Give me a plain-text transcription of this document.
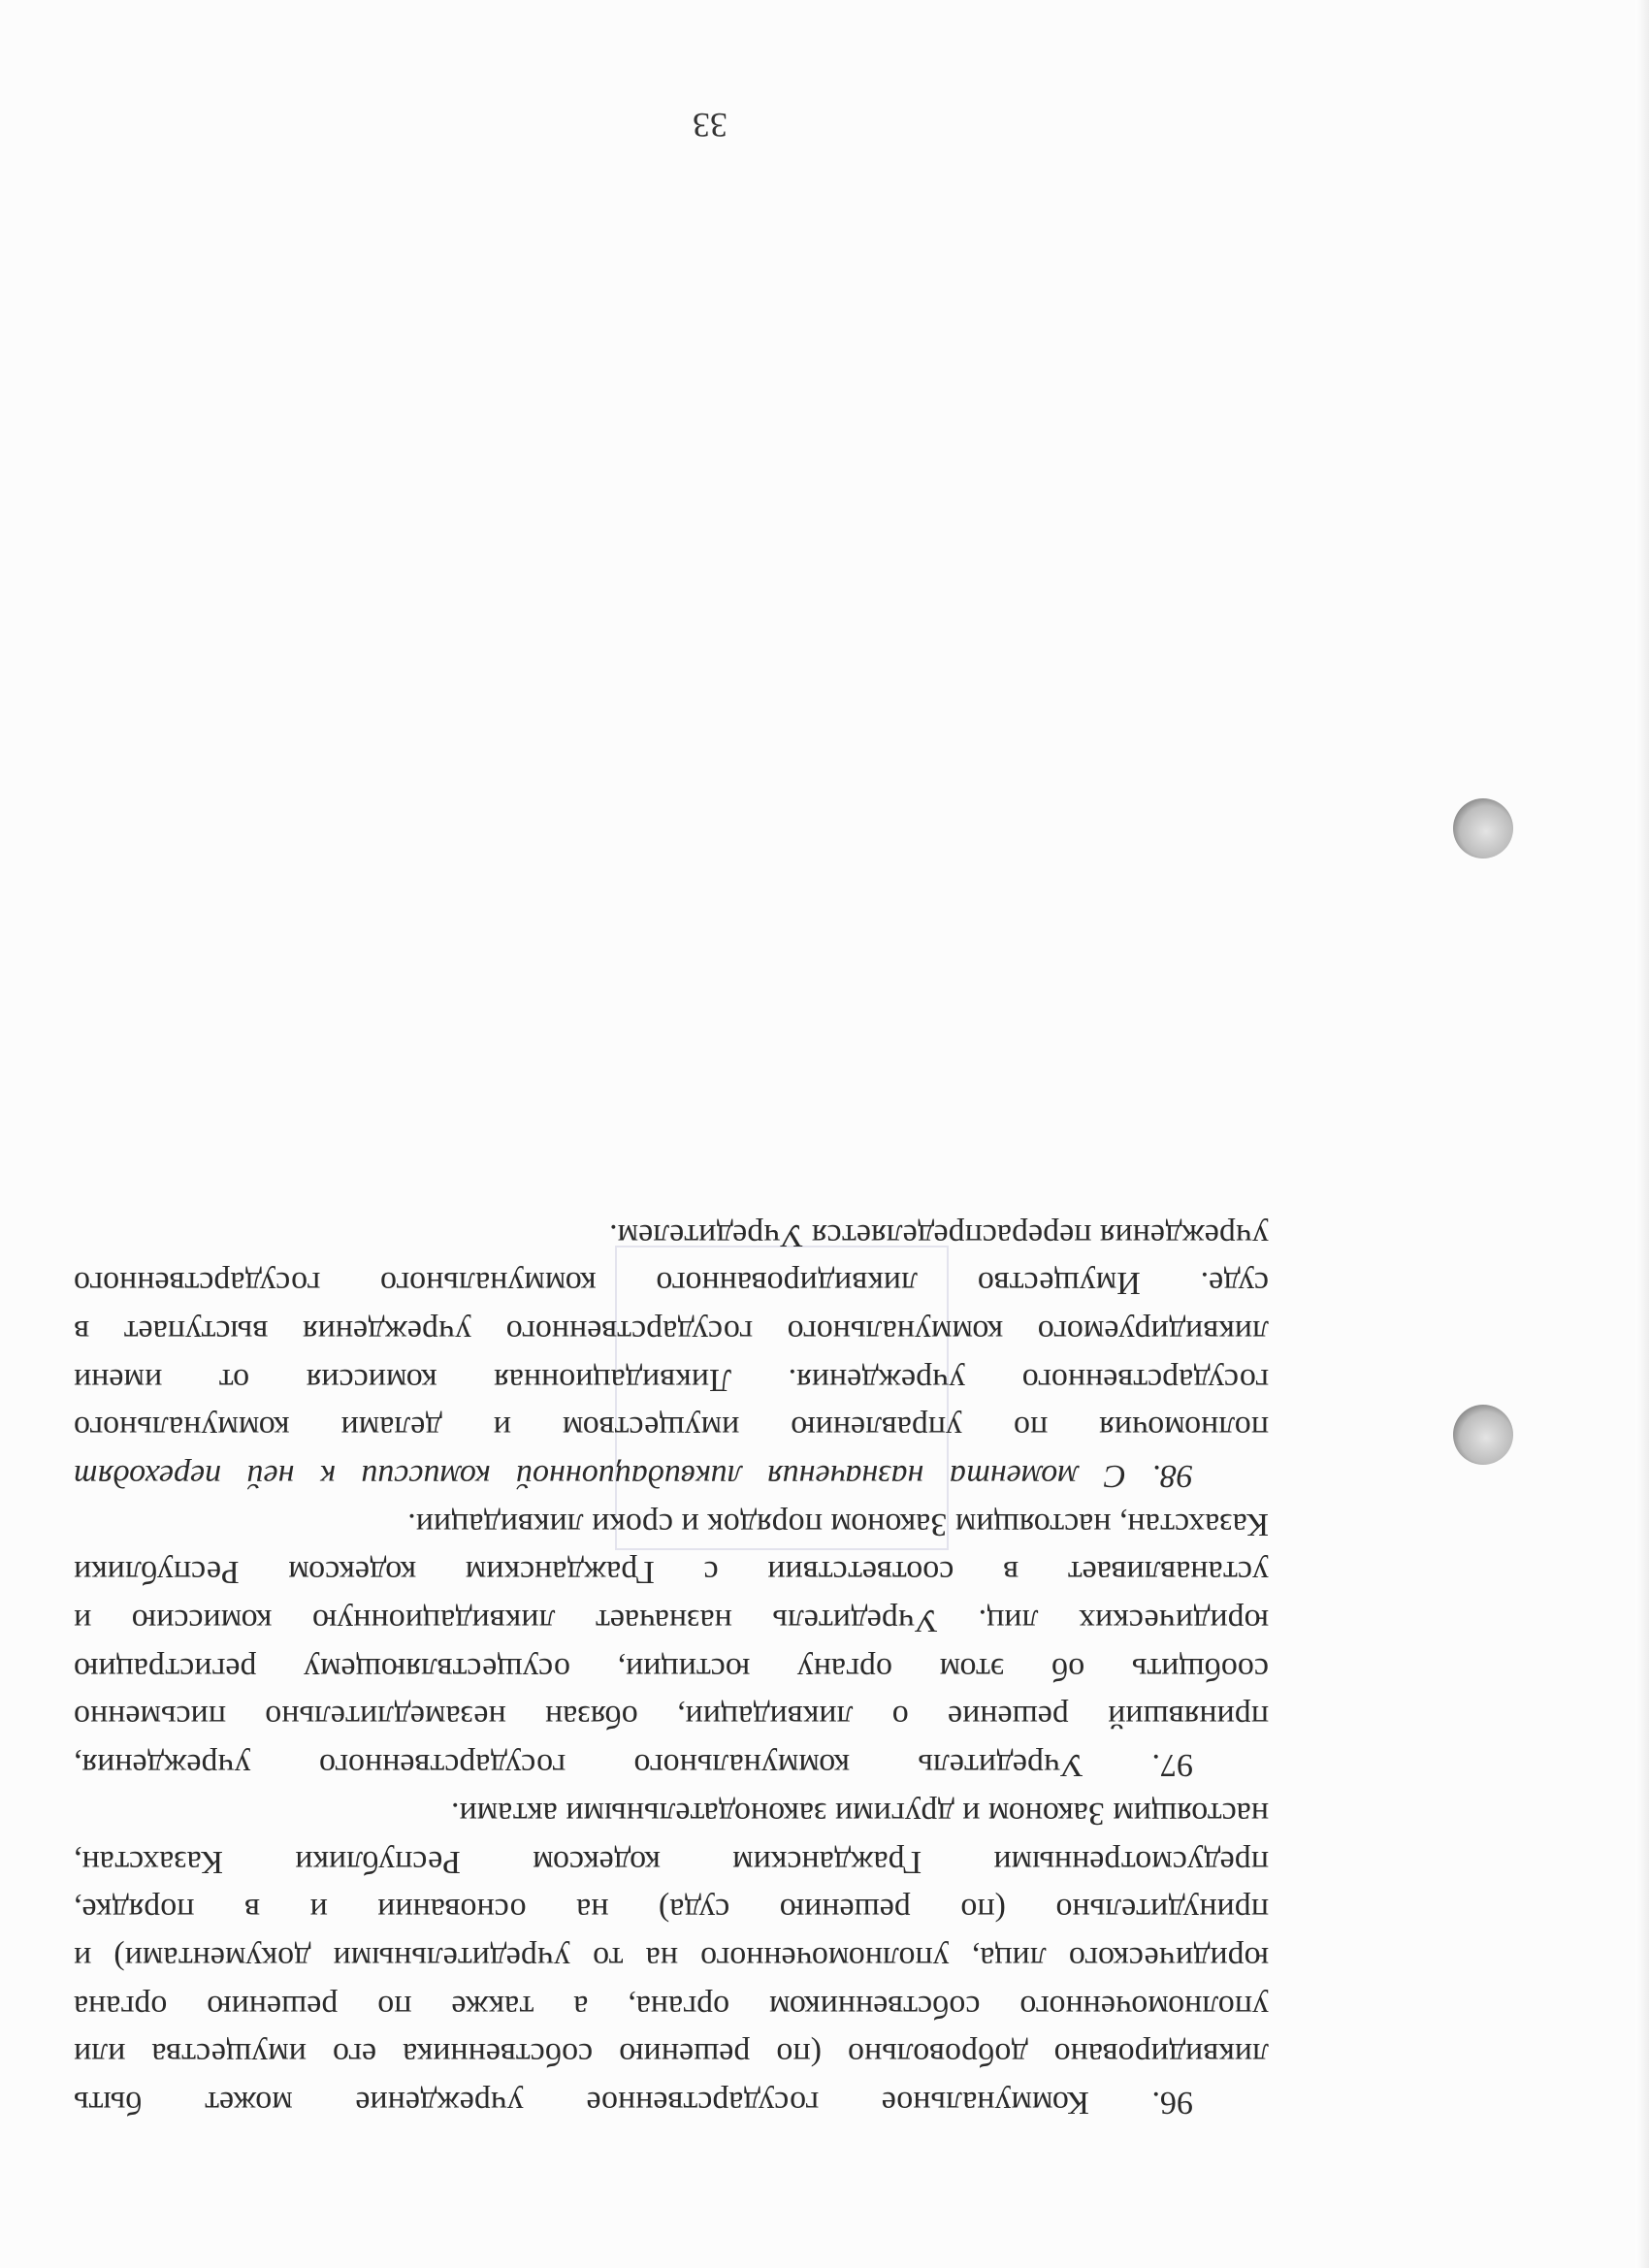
96. Коммунальное государственное учреждение может быть
ликвидировано добровольно (по решению собственника его имущества или
уполномоченного собственником органа, а также по решению органа
юридического лица, уполномоченного на то учредительными документами) и
принудительно (по решению суда) на основании и в порядке,
предусмотренными Гражданским кодексом Республики Казахстан,
настоящим Законом и другими законодательными актами.
97. Учредитель коммунального государственного учреждения,
принявший решение о ликвидации, обязан незамедлительно письменно
сообщить об этом органу юстиции, осуществляющему регистрацию
юридических лиц. Учредитель назначает ликвидационную комиссию и
устанавливает в соответствии с Гражданским кодексом Республики
Казахстан, настоящим Законом порядок и сроки ликвидации.
98. С момента назначения ликвидационной комиссии к ней переходят
полномочия по управлению имуществом и делами коммунального
государственного учреждения. Ликвидационная комиссия от имени
ликвидируемого коммунального государственного учреждения выступает в
суде. Имущество ликвидированного коммунального государственного
учреждения перераспределяется Учредителем.
33
